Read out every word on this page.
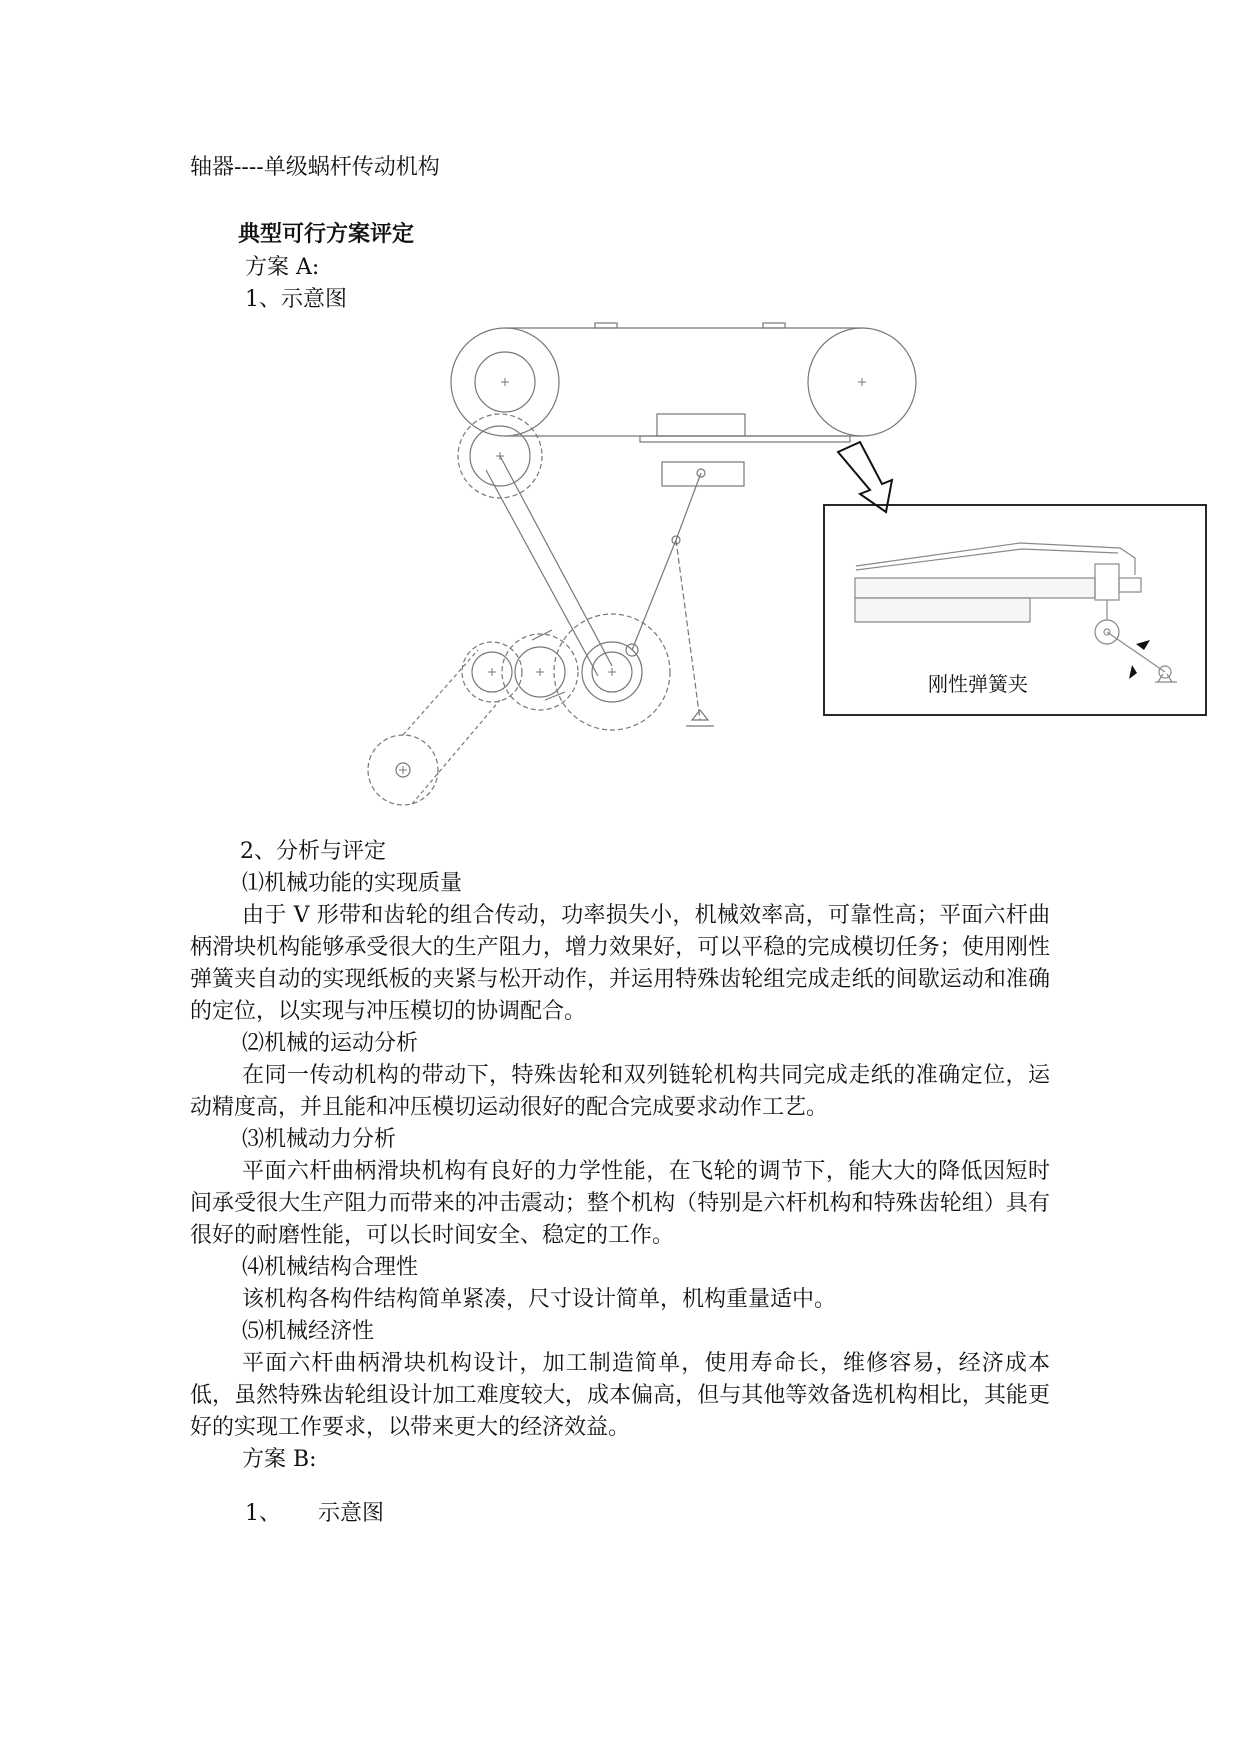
轴器----单级蜗杆传动机构
典型可行方案评定
方案 A:
1、示意图
刚性弹簧夹
2、分析与评定

⑴机械功能的实现质量

由于 V 形带和齿轮的组合传动，功率损失小，机械效率高，可靠性高；平面六杆曲柄滑块机构能够承受很大的生产阻力，增力效果好，可以平稳的完成模切任务；使用刚性弹簧夹自动的实现纸板的夹紧与松开动作，并运用特殊齿轮组完成走纸的间歇运动和准确的定位，以实现与冲压模切的协调配合。

⑵机械的运动分析

在同一传动机构的带动下，特殊齿轮和双列链轮机构共同完成走纸的准确定位，运动精度高，并且能和冲压模切运动很好的配合完成要求动作工艺。

⑶机械动力分析

平面六杆曲柄滑块机构有良好的力学性能，在飞轮的调节下，能大大的降低因短时间承受很大生产阻力而带来的冲击震动；整个机构（特别是六杆机构和特殊齿轮组）具有很好的耐磨性能，可以长时间安全、稳定的工作。

⑷机械结构合理性

该机构各构件结构简单紧凑，尺寸设计简单，机构重量适中。

⑸机械经济性

平面六杆曲柄滑块机构设计，加工制造简单，使用寿命长，维修容易，经济成本低，虽然特殊齿轮组设计加工难度较大，成本偏高，但与其他等效备选机构相比，其能更好的实现工作要求，以带来更大的经济效益。

方案 B:

1、 示意图
